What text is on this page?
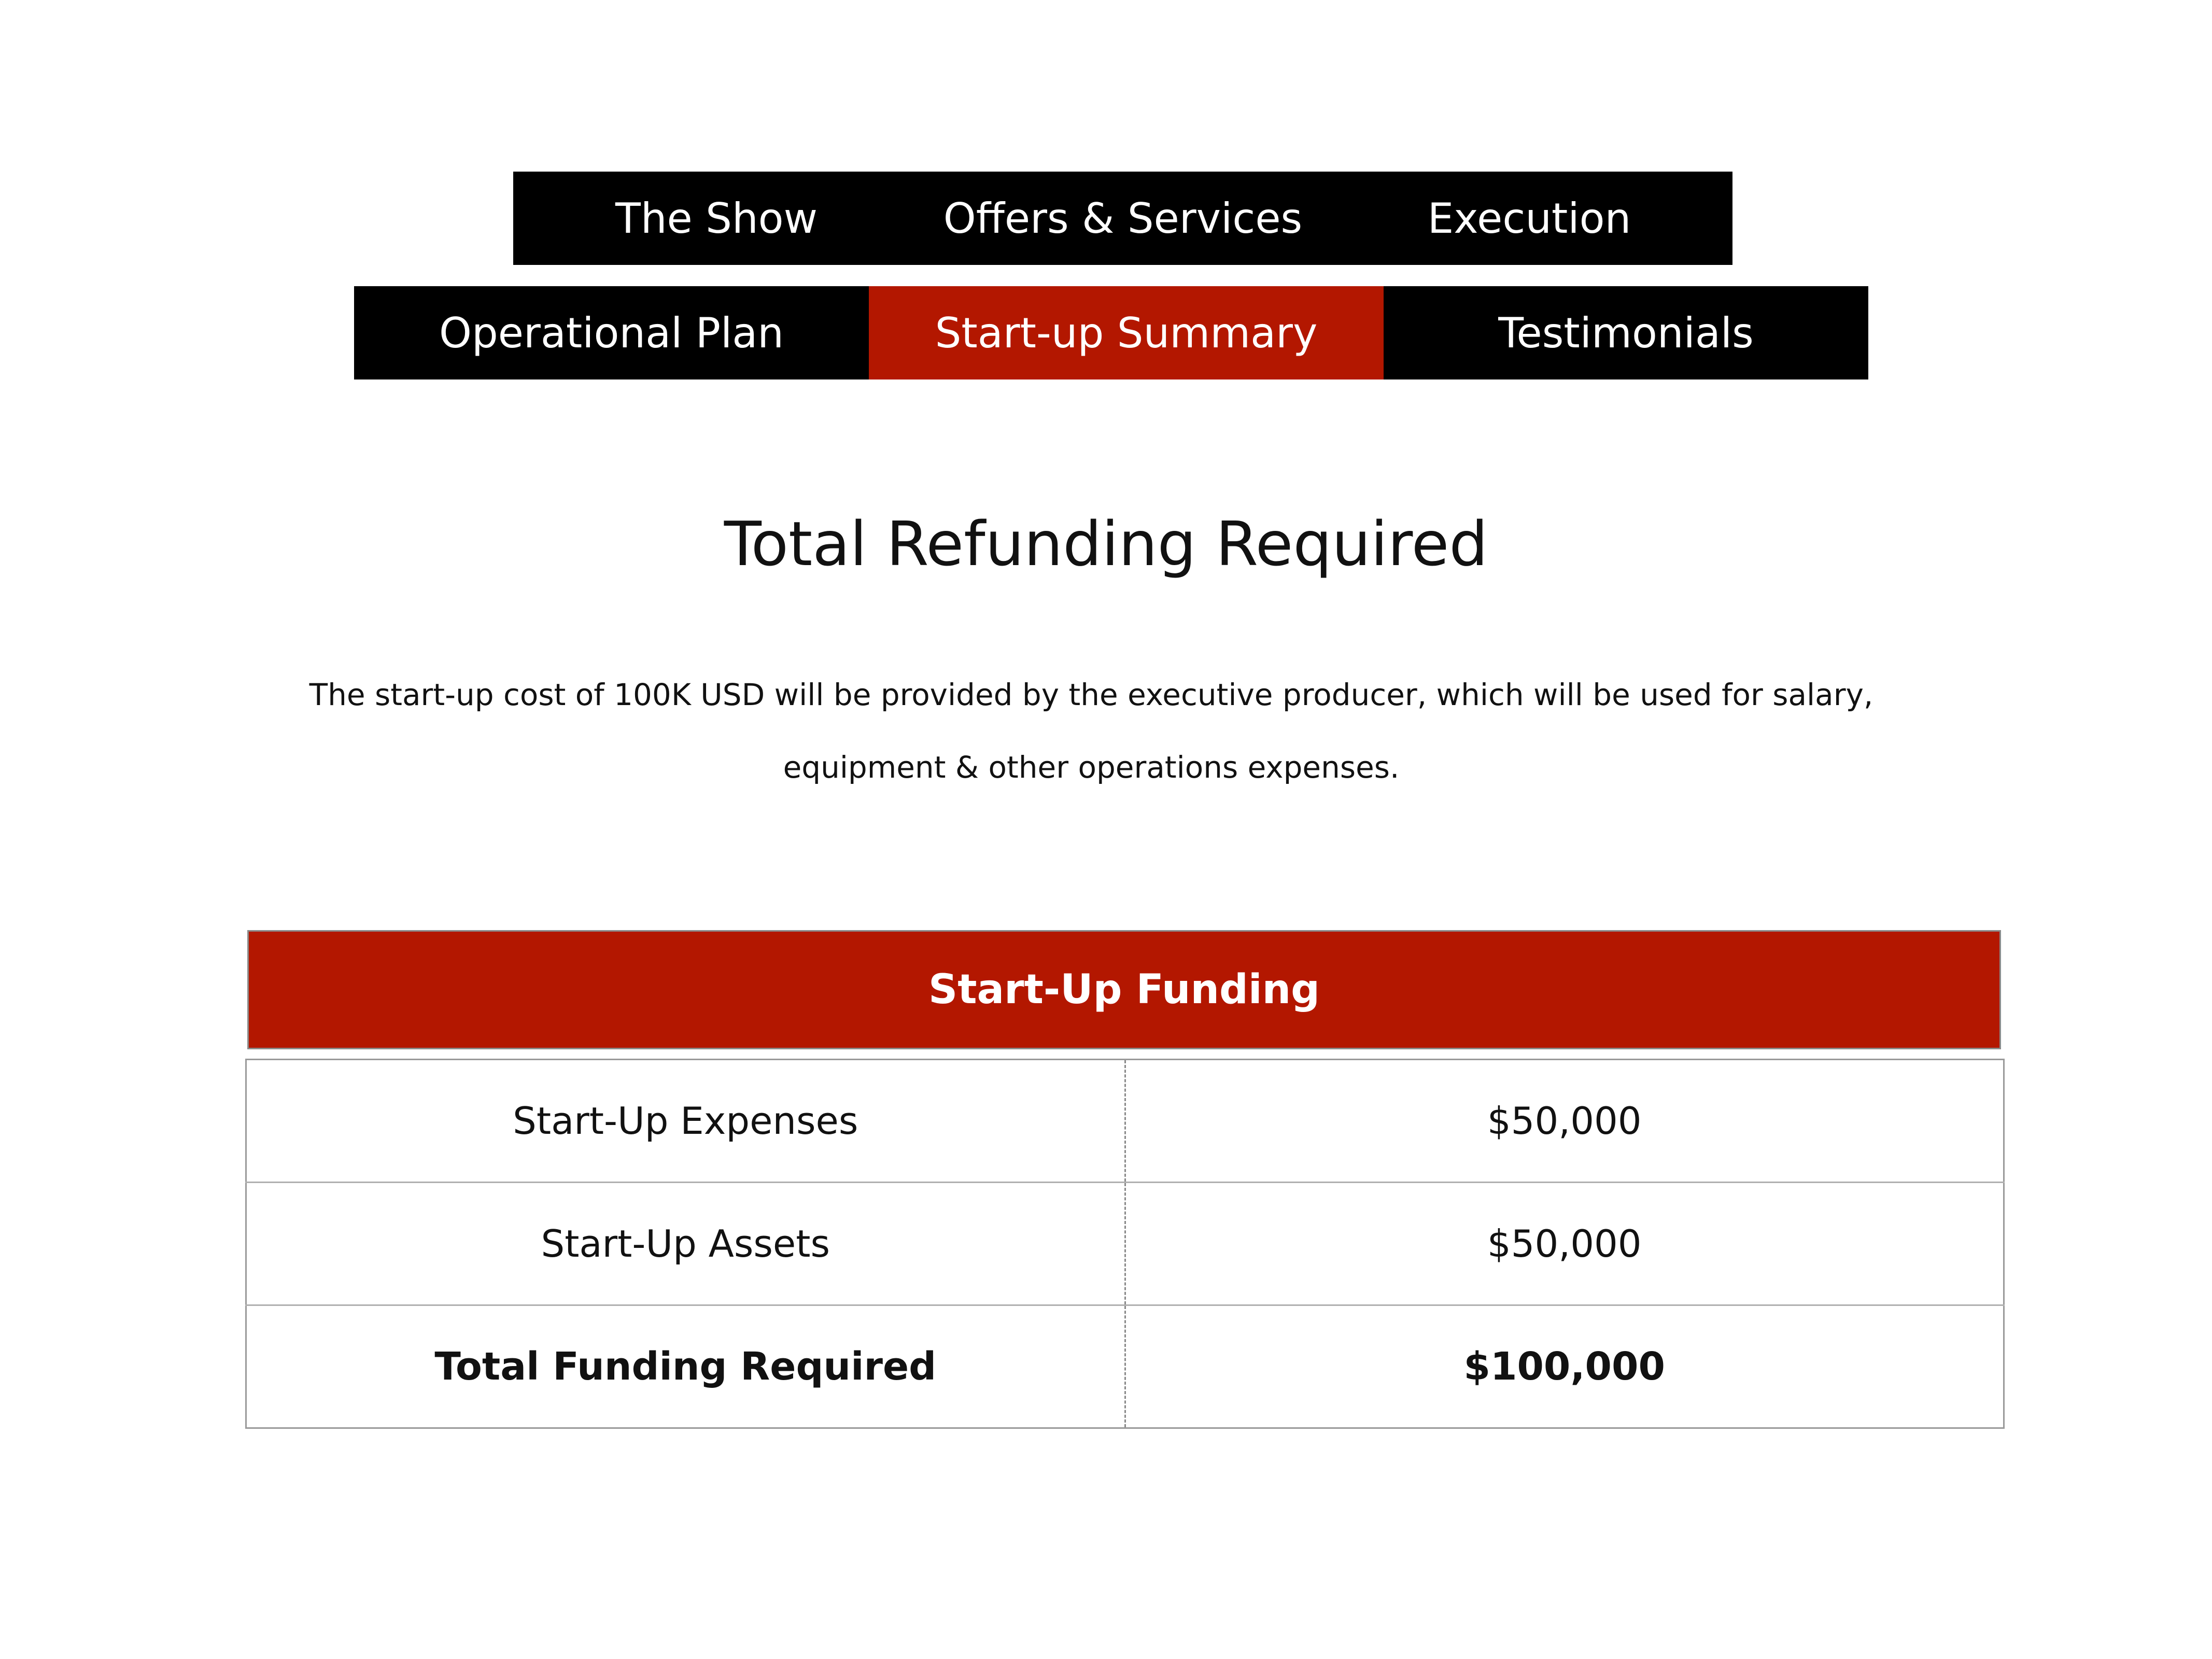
The Show	Offers & Services	Execution
Operational Plan	Start-up Summary	Testimonials
Total Refunding Required

The start-up cost of 100K USD will be provided by the executive producer, which will be used for salary, equipment & other operations expenses.

Start-Up Funding
Start-Up Expenses	$50,000
Start-Up Assets	$50,000
Total Funding Required	$100,000
